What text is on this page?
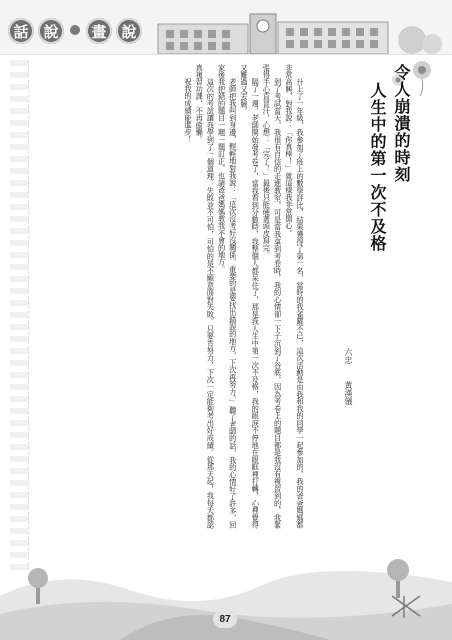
話 說	畫 說
令人崩潰的時刻
人生中的第一次不及格
六忠 黃漢儀

升上了一年級，我參加了班上的數學評比，結果獲得了第一名，當時的我雀躍不已，這次活動是由我和我的同學一起參加的，我的爸爸媽媽都非常高興，對我說：「你真棒！」就這樣我非常開心。

到了考試當天，我很有自信的走進教室，可是當我拿到考卷時，我的心情卻一下子沉到了谷底，因為考卷上的題目都是我沒有複習到的，我緊張得手心直冒汗，心想：「完了！」最後只能硬著頭皮寫完。

隔了一週，老師開始發考卷了，當我看到分數時，我整個人都呆住了，那是我人生中第一次不及格，我的眼淚不停地在眼眶裡打轉，心裡覺得又難過又丟臉。

老師把我叫到身邊，輕輕地對我說：「這次沒考好沒關係，重要的是要找出錯誤的地方，下次再努力。」聽了老師的話，我的心情好了許多，回家後我把錯的題目一題一題訂正，也請爸爸媽媽教我不會的地方。

這次的考試讓我學到了一個道理：失敗並不可怕，可怕的是不願意面對失敗。只要肯努力，下次一定能夠考出好成績。從那天起，我每天都認真複習功課，不再偷懶。

祝我的成績能進步！

87
